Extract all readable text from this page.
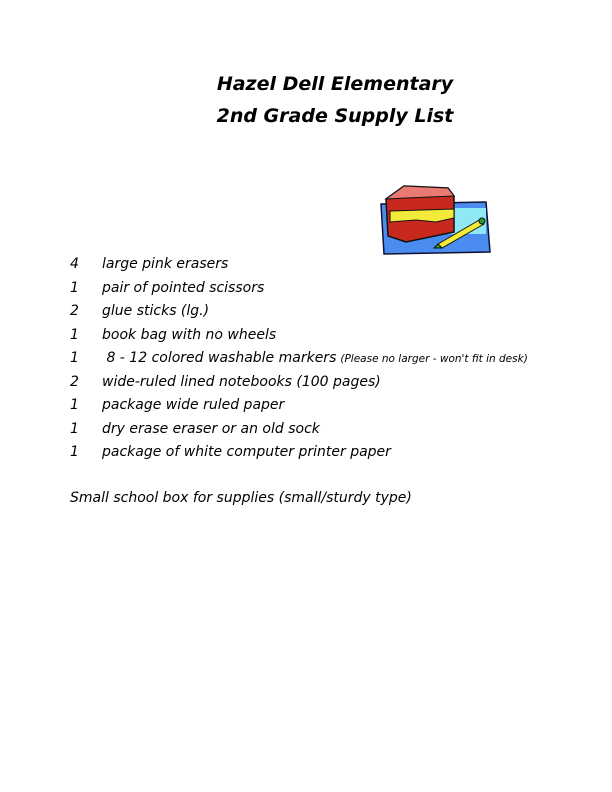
Hazel Dell Elementary
2nd Grade Supply List
4	large pink erasers
1	pair of pointed scissors
2	glue sticks (lg.)
1	book bag with no wheels
1	8 - 12 colored washable markers (Please no larger - won't fit in desk)
2	wide-ruled lined notebooks (100 pages)
1	package wide ruled paper
1	dry erase eraser or an old sock
1	package of white computer printer paper
Small school box for supplies (small/sturdy type)
